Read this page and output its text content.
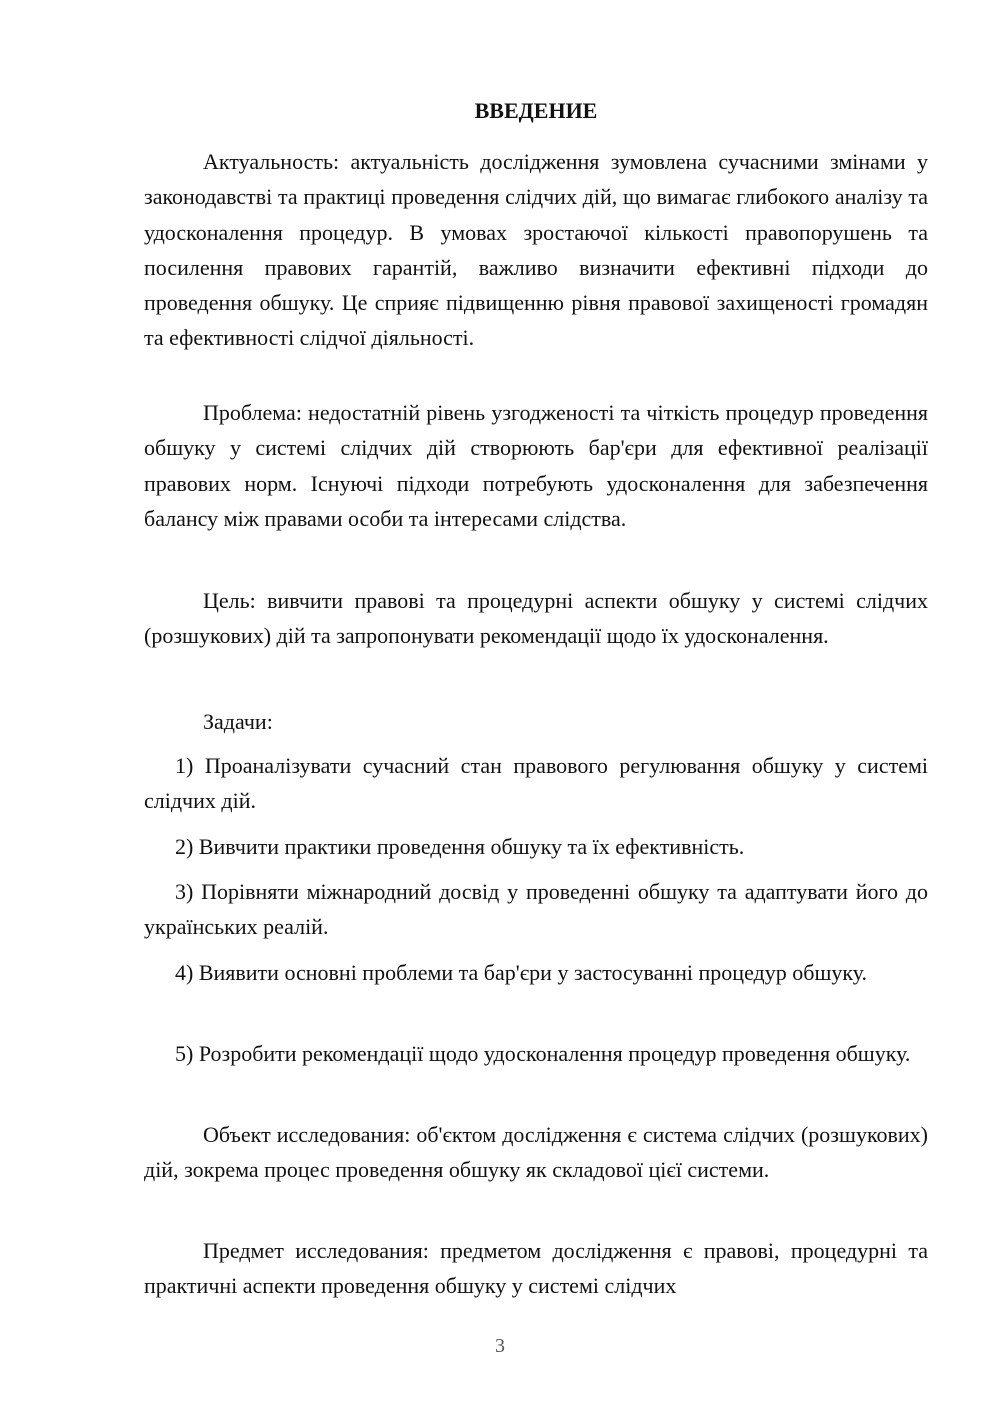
ВВЕДЕНИЕ

Актуальность: актуальність дослідження зумовлена сучасними змінами у законодавстві та практиці проведення слідчих дій, що вимагає глибокого аналізу та удосконалення процедур. В умовах зростаючої кількості правопорушень та посилення правових гарантій, важливо визначити ефективні підходи до проведення обшуку. Це сприяє підвищенню рівня правової захищеності громадян та ефективності слідчої діяльності.

Проблема: недостатній рівень узгодженості та чіткість процедур проведення обшуку у системі слідчих дій створюють бар'єри для ефективної реалізації правових норм. Існуючі підходи потребують удосконалення для забезпечення балансу між правами особи та інтересами слідства.

Цель: вивчити правові та процедурні аспекти обшуку у системі слідчих (розшукових) дій та запропонувати рекомендації щодо їх удосконалення.

Задачи:

1) Проаналізувати сучасний стан правового регулювання обшуку у системі слідчих дій.

2) Вивчити практики проведення обшуку та їх ефективність.

3) Порівняти міжнародний досвід у проведенні обшуку та адаптувати його до українських реалій.

4) Виявити основні проблеми та бар'єри у застосуванні процедур обшуку.

5) Розробити рекомендації щодо удосконалення процедур проведення обшуку.

Объект исследования: об'єктом дослідження є система слідчих (розшукових) дій, зокрема процес проведення обшуку як складової цієї системи.

Предмет исследования: предметом дослідження є правові, процедурні та практичні аспекти проведення обшуку у системі слідчих

3
